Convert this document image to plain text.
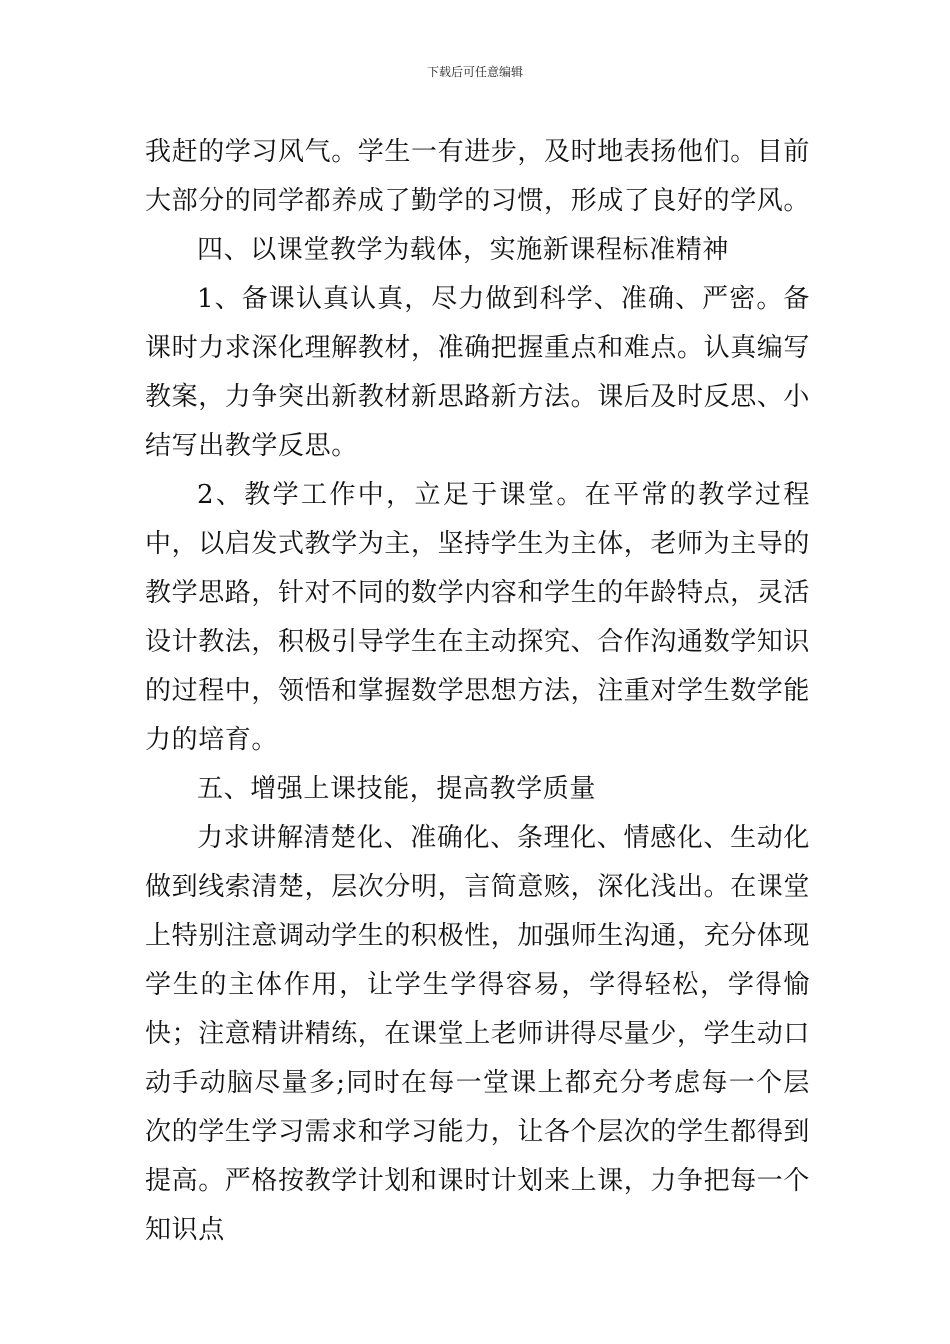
下载后可任意编辑

我赶的学习风气。学生一有进步，及时地表扬他们。目前大部分的同学都养成了勤学的习惯，形成了良好的学风。

四、以课堂教学为载体，实施新课程标准精神

1、备课认真认真，尽力做到科学、准确、严密。备课时力求深化理解教材，准确把握重点和难点。认真编写教案，力争突出新教材新思路新方法。课后及时反思、小结写出教学反思。

2、教学工作中，立足于课堂。在平常的教学过程中，以启发式教学为主，坚持学生为主体，老师为主导的教学思路，针对不同的数学内容和学生的年龄特点，灵活设计教法，积极引导学生在主动探究、合作沟通数学知识的过程中，领悟和掌握数学思想方法，注重对学生数学能力的培育。

五、增强上课技能，提高教学质量

力求讲解清楚化、准确化、条理化、情感化、生动化做到线索清楚，层次分明，言简意赅，深化浅出。在课堂上特别注意调动学生的积极性，加强师生沟通，充分体现学生的主体作用，让学生学得容易，学得轻松，学得愉快；注意精讲精练，在课堂上老师讲得尽量少，学生动口动手动脑尽量多;同时在每一堂课上都充分考虑每一个层次的学生学习需求和学习能力，让各个层次的学生都得到提高。严格按教学计划和课时计划来上课，力争把每一个知识点
